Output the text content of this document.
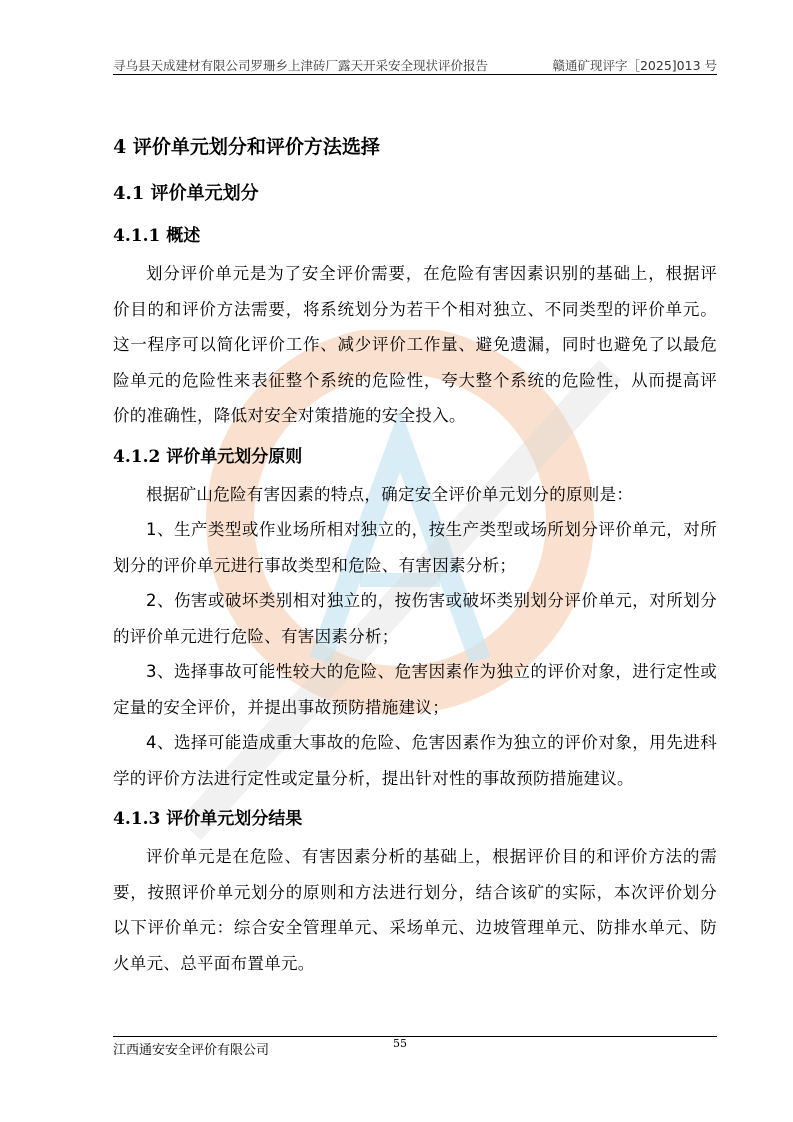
寻乌县天成建材有限公司罗珊乡上津砖厂露天开采安全现状评价报告	赣通矿现评字［2025]013 号
4 评价单元划分和评价方法选择
4.1 评价单元划分
4.1.1 概述

划分评价单元是为了安全评价需要，在危险有害因素识别的基础上，根据评价目的和评价方法需要，将系统划分为若干个相对独立、不同类型的评价单元。这一程序可以简化评价工作、减少评价工作量、避免遗漏，同时也避免了以最危险单元的危险性来表征整个系统的危险性，夸大整个系统的危险性，从而提高评价的准确性，降低对安全对策措施的安全投入。

4.1.2 评价单元划分原则

根据矿山危险有害因素的特点，确定安全评价单元划分的原则是：

1、生产类型或作业场所相对独立的，按生产类型或场所划分评价单元，对所划分的评价单元进行事故类型和危险、有害因素分析；

2、伤害或破坏类别相对独立的，按伤害或破坏类别划分评价单元，对所划分的评价单元进行危险、有害因素分析；

3、选择事故可能性较大的危险、危害因素作为独立的评价对象，进行定性或定量的安全评价，并提出事故预防措施建议；

4、选择可能造成重大事故的危险、危害因素作为独立的评价对象，用先进科学的评价方法进行定性或定量分析，提出针对性的事故预防措施建议。

4.1.3 评价单元划分结果

评价单元是在危险、有害因素分析的基础上，根据评价目的和评价方法的需要，按照评价单元划分的原则和方法进行划分，结合该矿的实际，本次评价划分以下评价单元：综合安全管理单元、采场单元、边坡管理单元、防排水单元、防火单元、总平面布置单元。

江西通安安全评价有限公司	55
